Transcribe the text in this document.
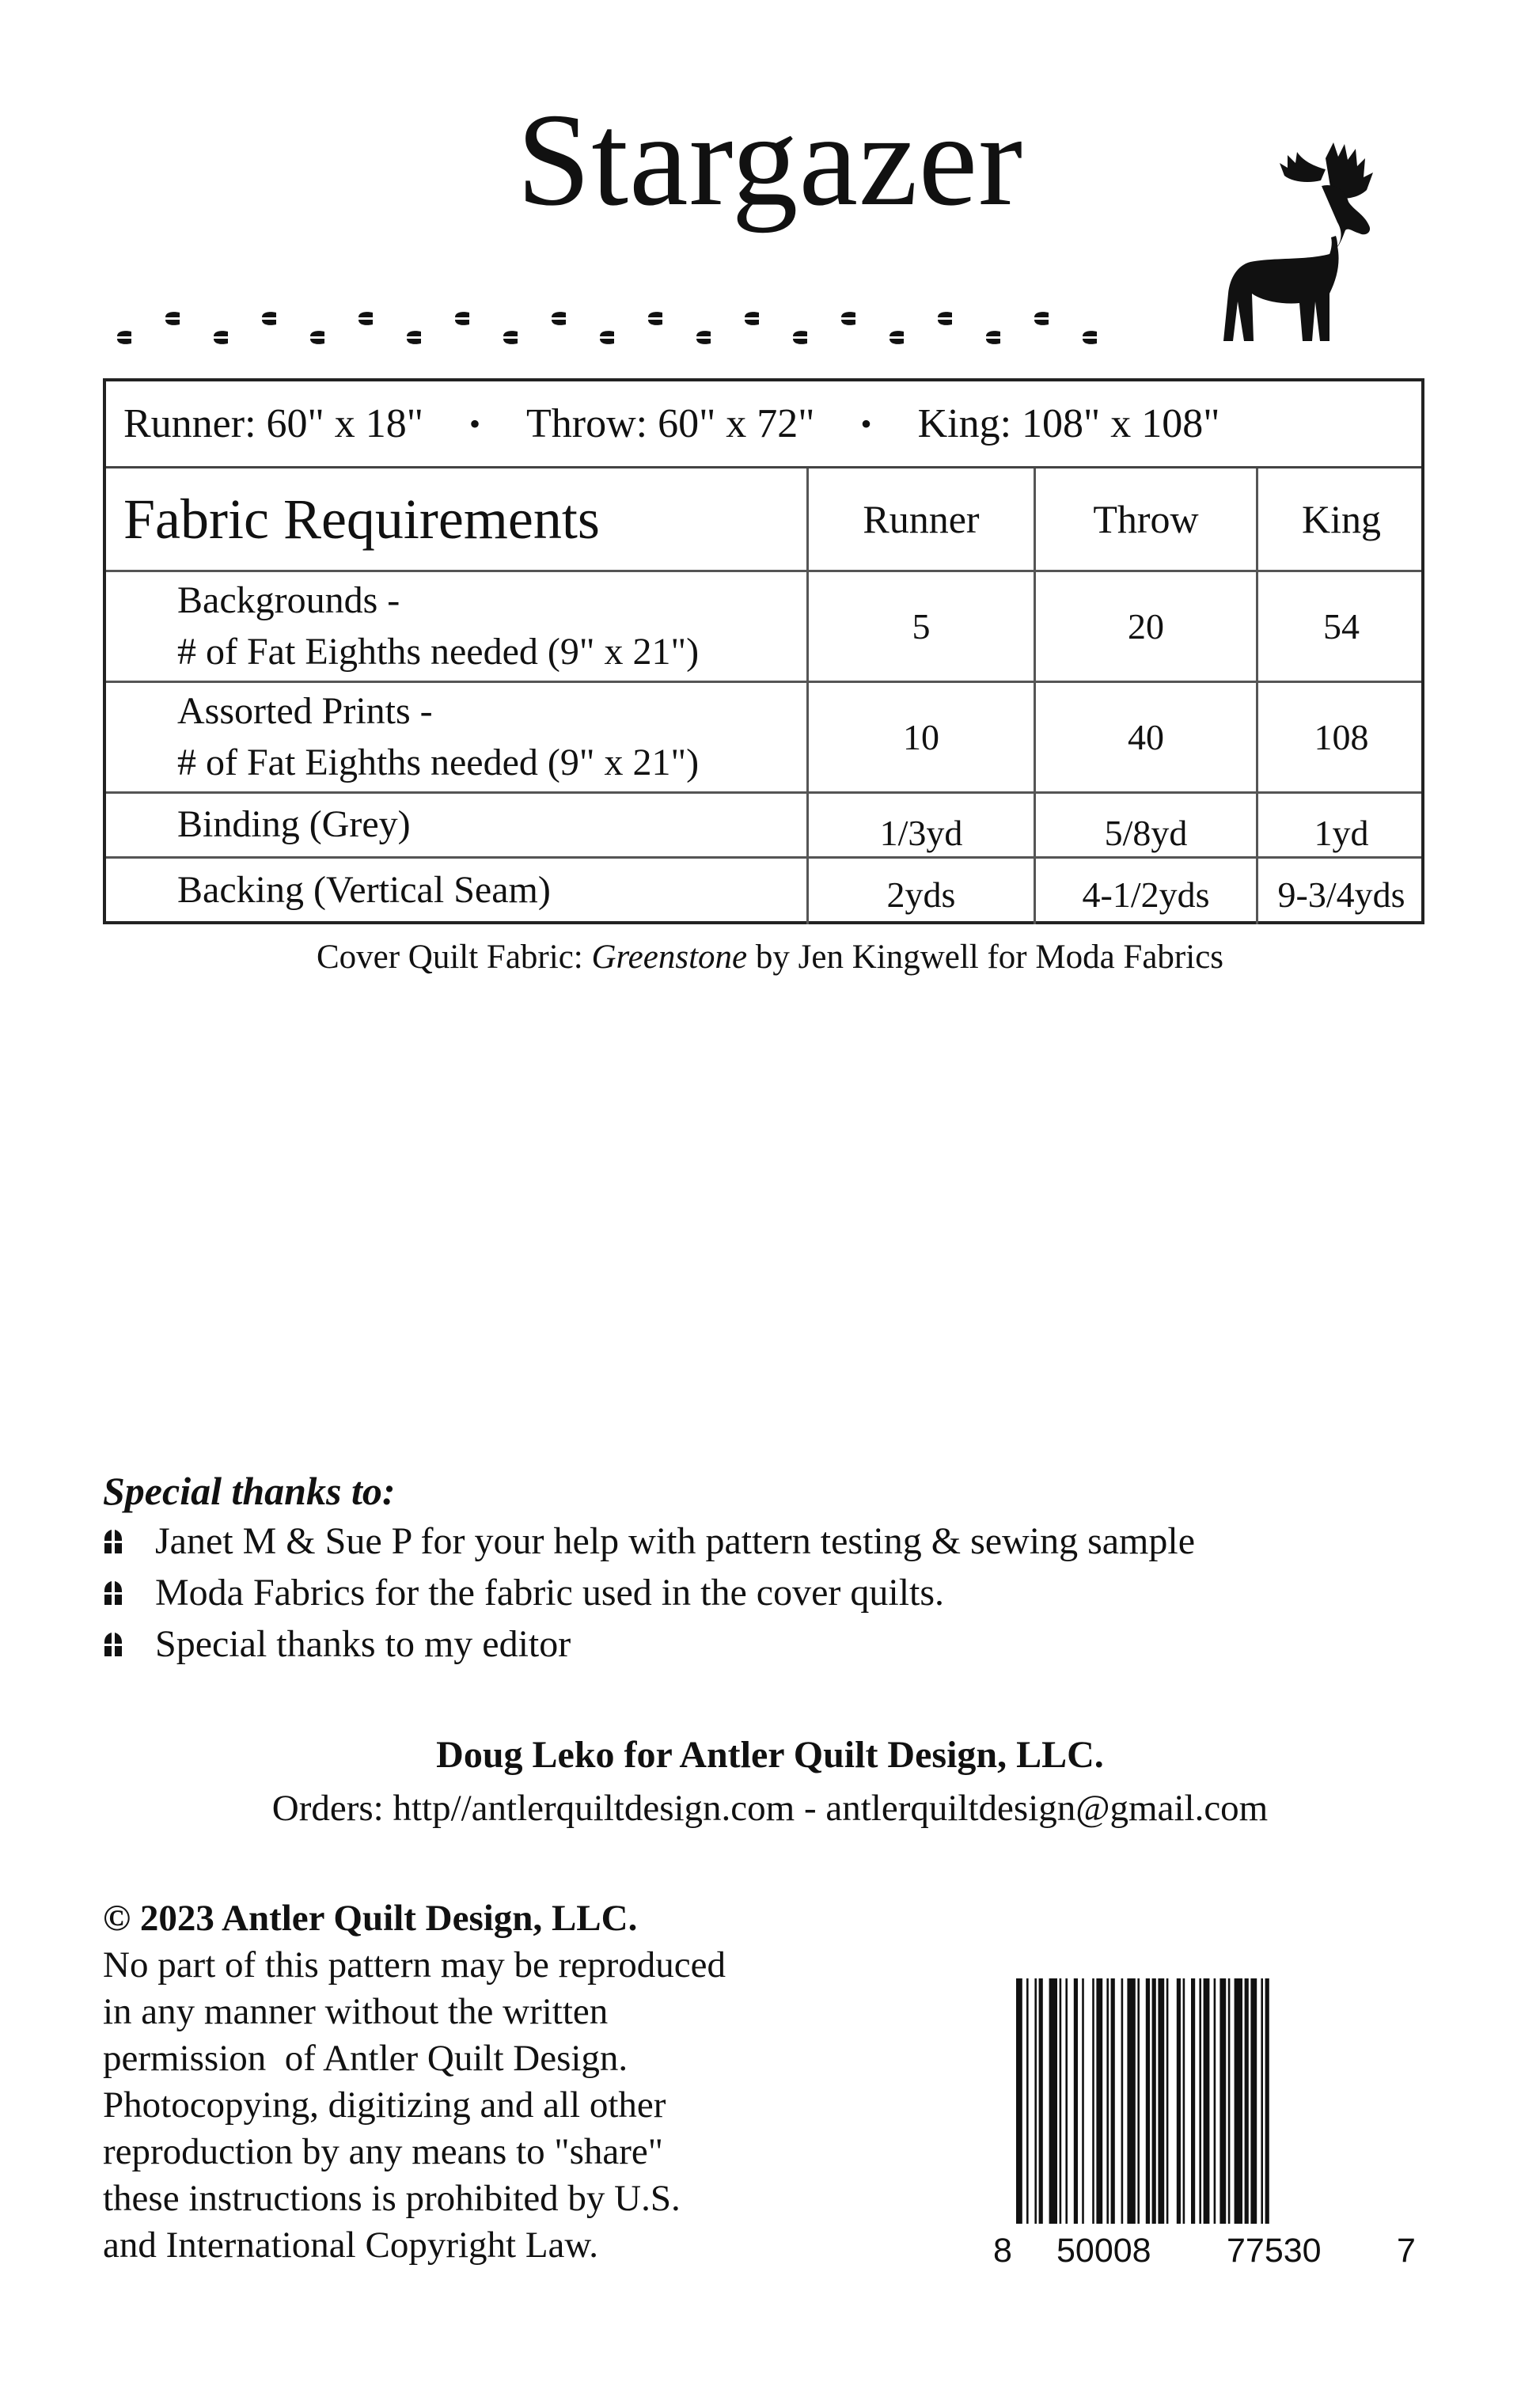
Stargazer
Runner: 60" x 18" • Throw: 60" x 72" • King: 108" x 108"
Fabric Requirements	Runner	Throw	King
Backgrounds -
# of Fat Eighths needed (9" x 21")
5	20	54
Assorted Prints -
# of Fat Eighths needed (9" x 21")
10	40	108
Binding (Grey)	1/3yd	5/8yd	1yd
Backing (Vertical Seam)	2yds	4-1/2yds	9-3/4yds
Cover Quilt Fabric: Greenstone by Jen Kingwell for Moda Fabrics
Special thanks to:
Janet M & Sue P for your help with pattern testing & sewing sample
Moda Fabrics for the fabric used in the cover quilts.
Special thanks to my editor
Doug Leko for Antler Quilt Design, LLC.
Orders: http//antlerquiltdesign.com - antlerquiltdesign@gmail.com
© 2023 Antler Quilt Design, LLC.
No part of this pattern may be reproduced
in any manner without the written
permission  of Antler Quilt Design.
Photocopying, digitizing and all other
reproduction by any means to "share"
these instructions is prohibited by U.S.
and International Copyright Law.	8 50008 77530 7
